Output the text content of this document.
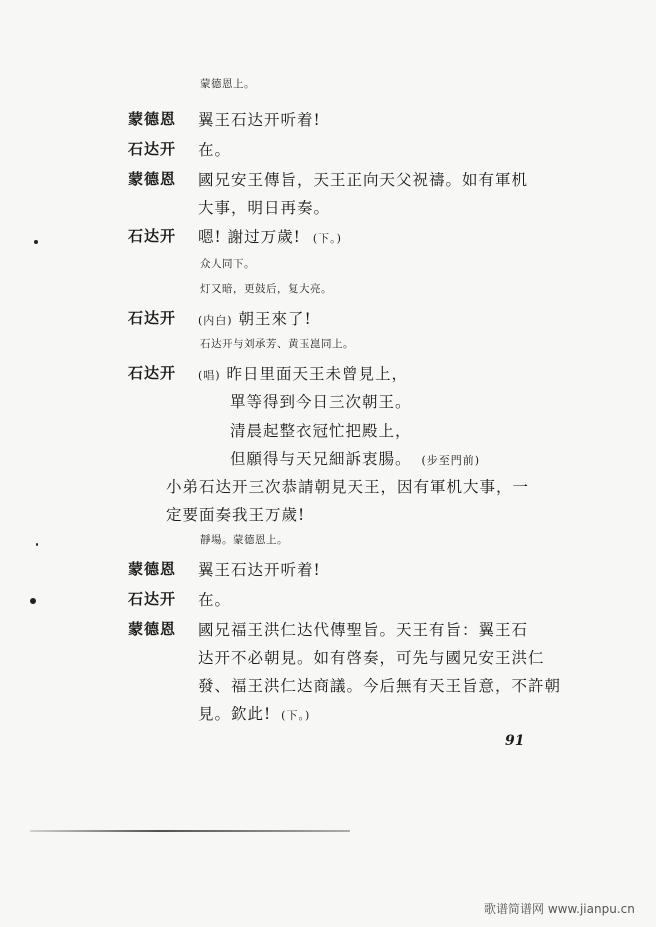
蒙德恩上。
蒙德恩 翼王石达开听着!
石达开 在。
蒙德恩 國兄安王傳旨，天王正向天父祝禱。如有軍机
大事，明日再奏。
石达开 嗯! 謝过万歲! (下。)
众人同下。
灯又暗，更鼓后，复大亮。
石达开 (内白) 朝王來了!
石达开与刘承芳、黄玉崑同上。
石达开 (唱) 昨日里面天王未曾見上，
單等得到今日三次朝王。
清晨起整衣冠忙把殿上，
但願得与天兄細訴衷腸。 (步至門前)
小弟石达开三次恭請朝見天王，因有軍机大事，一
定要面奏我王万歲!
靜場。蒙德恩上。
蒙德恩 翼王石达开听着!
石达开 在。
蒙德恩 國兄福王洪仁达代傳聖旨。天王有旨：翼王石
达开不必朝見。如有啓奏，可先与國兄安王洪仁
發、福王洪仁达商議。今后無有天王旨意，不許朝
見。欽此! (下。)
91
歌谱简谱网 www.jianpu.cn
